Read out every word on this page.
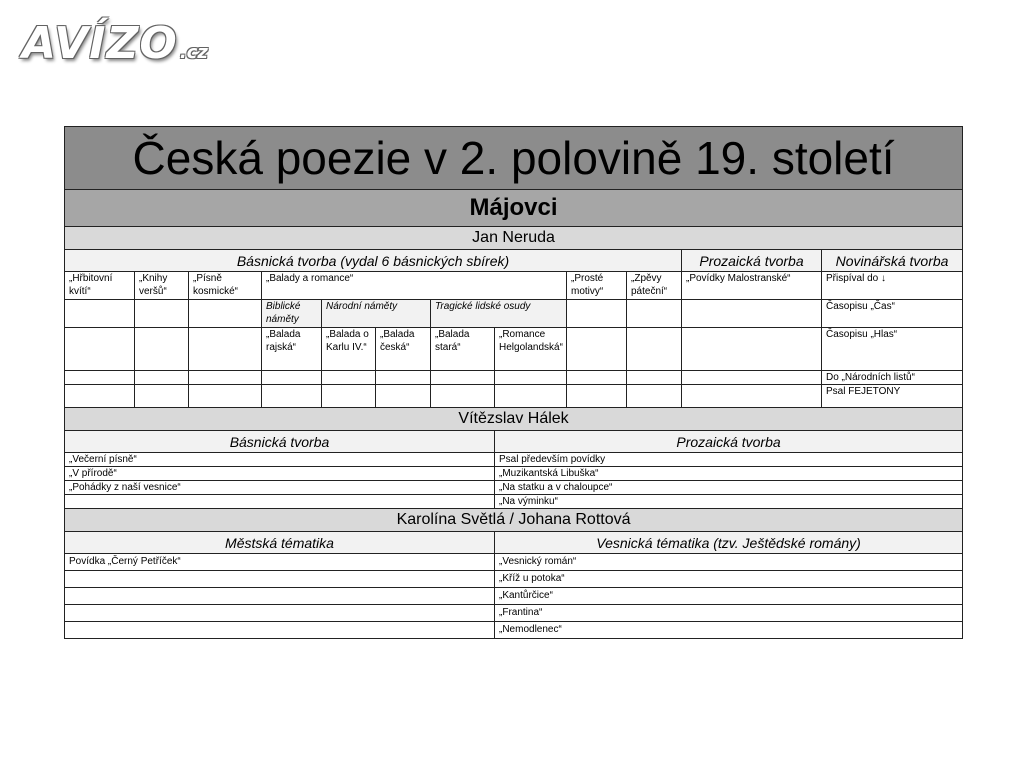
AVÍZO .cz
Česká poezie v 2. polovině 19. století											
Májovci											
Jan Neruda											
Básnická tvorba (vydal 6 básnických sbírek)										Prozaická tvorba	Novinářská tvorba
„Hřbitovní kvítí“	„Knihy veršů“	„Písně kosmické“	„Balady a romance“					„Prosté motivy“	„Zpěvy páteční“	„Povídky Malostranské“	Přispíval do ↓
			Biblické náměty	Národní náměty		Tragické lidské osudy					Časopisu „Čas“
			„Balada rajská“	„Balada o Karlu IV.“	„Balada česká“	„Balada stará“	„Romance Helgolandská“				Časopisu „Hlas“
											Do „Národních listů“
											Psal FEJETONY
Vítězslav Hálek											
Básnická tvorba							Prozaická tvorba				
„Večerní písně“							Psal především povídky				
„V přírodě“							„Muzikantská Libuška“				
„Pohádky z naší vesnice“							„Na statku a v chaloupce“				
							„Na výminku“				
Karolína Světlá / Johana Rottová											
Městská tématika							Vesnická tématika (tzv. Ještědské romány)				
Povídka „Černý Petříček“							„Vesnický román“				
							„Kříž u potoka“				
							„Kantůrčice“				
							„Frantina“				
							„Nemodlenec“				
